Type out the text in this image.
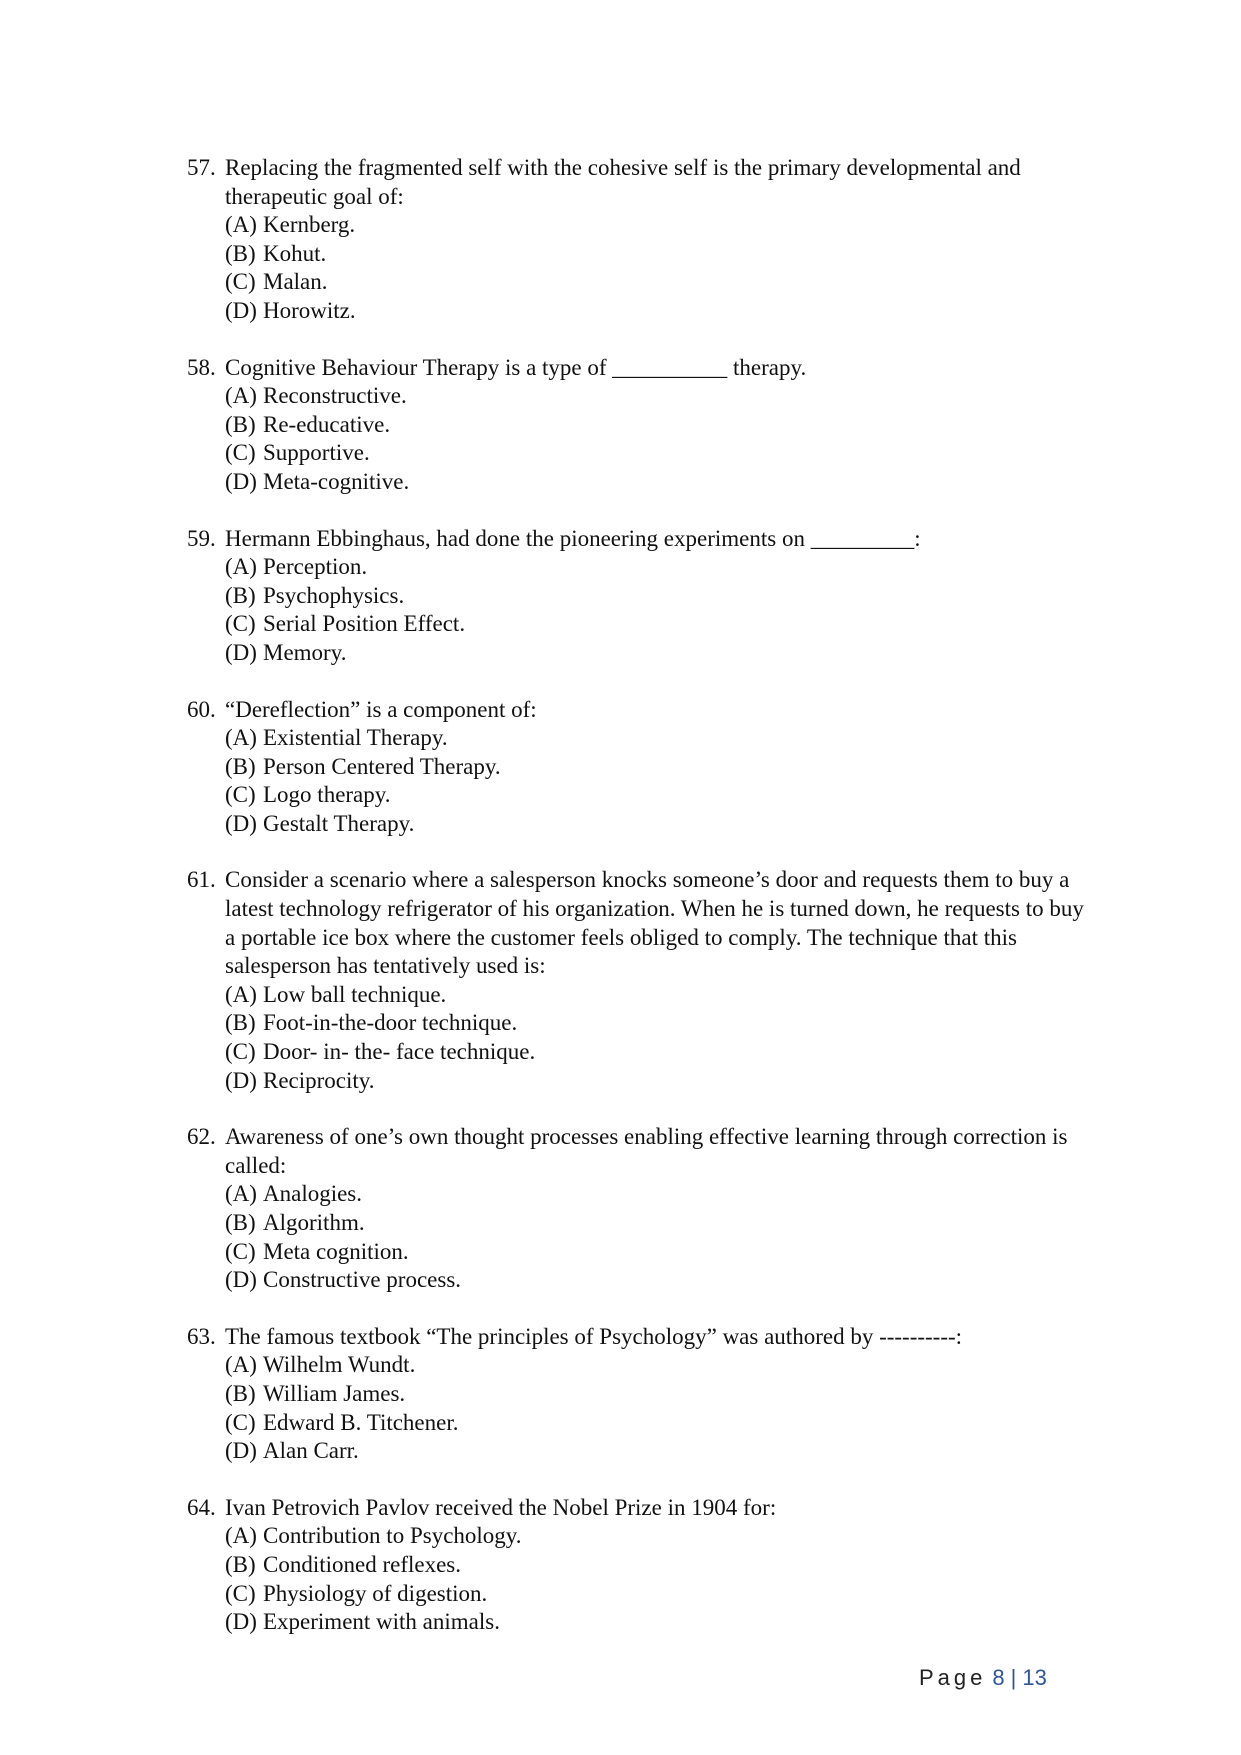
57. Replacing the fragmented self with the cohesive self is the primary developmental and therapeutic goal of:
(A) Kernberg.
(B) Kohut.
(C) Malan.
(D) Horowitz.
58. Cognitive Behaviour Therapy is a type of __________ therapy.
(A) Reconstructive.
(B) Re-educative.
(C) Supportive.
(D) Meta-cognitive.
59. Hermann Ebbinghaus, had done the pioneering experiments on _________:
(A) Perception.
(B) Psychophysics.
(C) Serial Position Effect.
(D) Memory.
60. “Dereflection” is a component of:
(A) Existential Therapy.
(B) Person Centered Therapy.
(C) Logo therapy.
(D) Gestalt Therapy.
61. Consider a scenario where a salesperson knocks someone’s door and requests them to buy a latest technology refrigerator of his organization. When he is turned down, he requests to buy a portable ice box where the customer feels obliged to comply. The technique that this salesperson has tentatively used is:
(A) Low ball technique.
(B) Foot-in-the-door technique.
(C) Door- in- the- face technique.
(D) Reciprocity.
62. Awareness of one’s own thought processes enabling effective learning through correction is called:
(A) Analogies.
(B) Algorithm.
(C) Meta cognition.
(D) Constructive process.
63. The famous textbook “The principles of Psychology” was authored by ----------:
(A) Wilhelm Wundt.
(B) William James.
(C) Edward B. Titchener.
(D) Alan Carr.
64. Ivan Petrovich Pavlov received the Nobel Prize in 1904 for:
(A) Contribution to Psychology.
(B) Conditioned reflexes.
(C) Physiology of digestion.
(D) Experiment with animals.
Page 8 | 13
